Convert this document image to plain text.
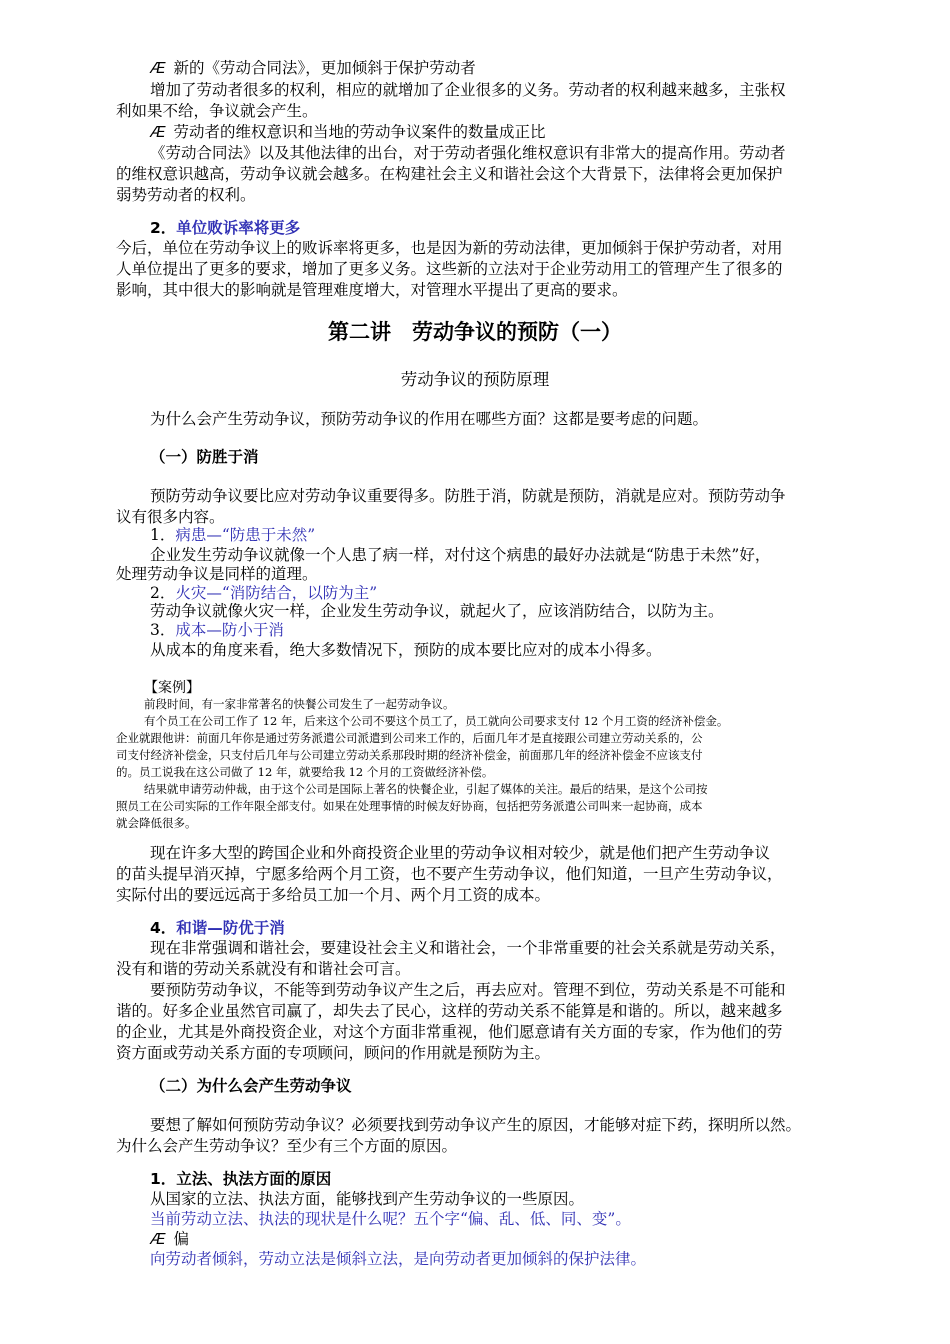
Æ 新的《劳动合同法》，更加倾斜于保护劳动者

增加了劳动者很多的权利，相应的就增加了企业很多的义务。劳动者的权利越来越多，主张权

利如果不给，争议就会产生。

Æ 劳动者的维权意识和当地的劳动争议案件的数量成正比

《劳动合同法》以及其他法律的出台，对于劳动者强化维权意识有非常大的提高作用。劳动者

的维权意识越高，劳动争议就会越多。在构建社会主义和谐社会这个大背景下，法律将会更加保护

弱势劳动者的权利。

2．单位败诉率将更多

今后，单位在劳动争议上的败诉率将更多，也是因为新的劳动法律，更加倾斜于保护劳动者，对用

人单位提出了更多的要求，增加了更多义务。这些新的立法对于企业劳动用工的管理产生了很多的

影响，其中很大的影响就是管理难度增大，对管理水平提出了更高的要求。

第二讲　劳动争议的预防（一）
劳动争议的预防原理

为什么会产生劳动争议，预防劳动争议的作用在哪些方面？这都是要考虑的问题。

（一）防胜于消

预防劳动争议要比应对劳动争议重要得多。防胜于消，防就是预防，消就是应对。预防劳动争

议有很多内容。

1．病患—“防患于未然”

企业发生劳动争议就像一个人患了病一样，对付这个病患的最好办法就是“防患于未然”好，

处理劳动争议是同样的道理。

2．火灾—“消防结合，以防为主”

劳动争议就像火灾一样，企业发生劳动争议，就起火了，应该消防结合，以防为主。

3．成本—防小于消

从成本的角度来看，绝大多数情况下，预防的成本要比应对的成本小得多。

【案例】

前段时间，有一家非常著名的快餐公司发生了一起劳动争议。

有个员工在公司工作了 12 年，后来这个公司不要这个员工了，员工就向公司要求支付 12 个月工资的经济补偿金。

企业就跟他讲：前面几年你是通过劳务派遣公司派遣到公司来工作的，后面几年才是直接跟公司建立劳动关系的，公

司支付经济补偿金，只支付后几年与公司建立劳动关系那段时期的经济补偿金，前面那几年的经济补偿金不应该支付

的。员工说我在这公司做了 12 年，就要给我 12 个月的工资做经济补偿。

结果就申请劳动仲裁，由于这个公司是国际上著名的快餐企业，引起了媒体的关注。最后的结果，是这个公司按

照员工在公司实际的工作年限全部支付。如果在处理事情的时候友好协商，包括把劳务派遣公司叫来一起协商，成本

就会降低很多。

现在许多大型的跨国企业和外商投资企业里的劳动争议相对较少，就是他们把产生劳动争议

的苗头提早消灭掉，宁愿多给两个月工资，也不要产生劳动争议，他们知道，一旦产生劳动争议，

实际付出的要远远高于多给员工加一个月、两个月工资的成本。

4．和谐—防优于消

现在非常强调和谐社会，要建设社会主义和谐社会，一个非常重要的社会关系就是劳动关系，

没有和谐的劳动关系就没有和谐社会可言。

要预防劳动争议，不能等到劳动争议产生之后，再去应对。管理不到位，劳动关系是不可能和

谐的。好多企业虽然官司赢了，却失去了民心，这样的劳动关系不能算是和谐的。所以，越来越多

的企业，尤其是外商投资企业，对这个方面非常重视，他们愿意请有关方面的专家，作为他们的劳

资方面或劳动关系方面的专项顾问，顾问的作用就是预防为主。

（二）为什么会产生劳动争议

要想了解如何预防劳动争议？必须要找到劳动争议产生的原因，才能够对症下药，探明所以然。

为什么会产生劳动争议？至少有三个方面的原因。

1．立法、执法方面的原因

从国家的立法、执法方面，能够找到产生劳动争议的一些原因。

当前劳动立法、执法的现状是什么呢？五个字“偏、乱、低、同、变”。

Æ 偏

向劳动者倾斜，劳动立法是倾斜立法，是向劳动者更加倾斜的保护法律。
